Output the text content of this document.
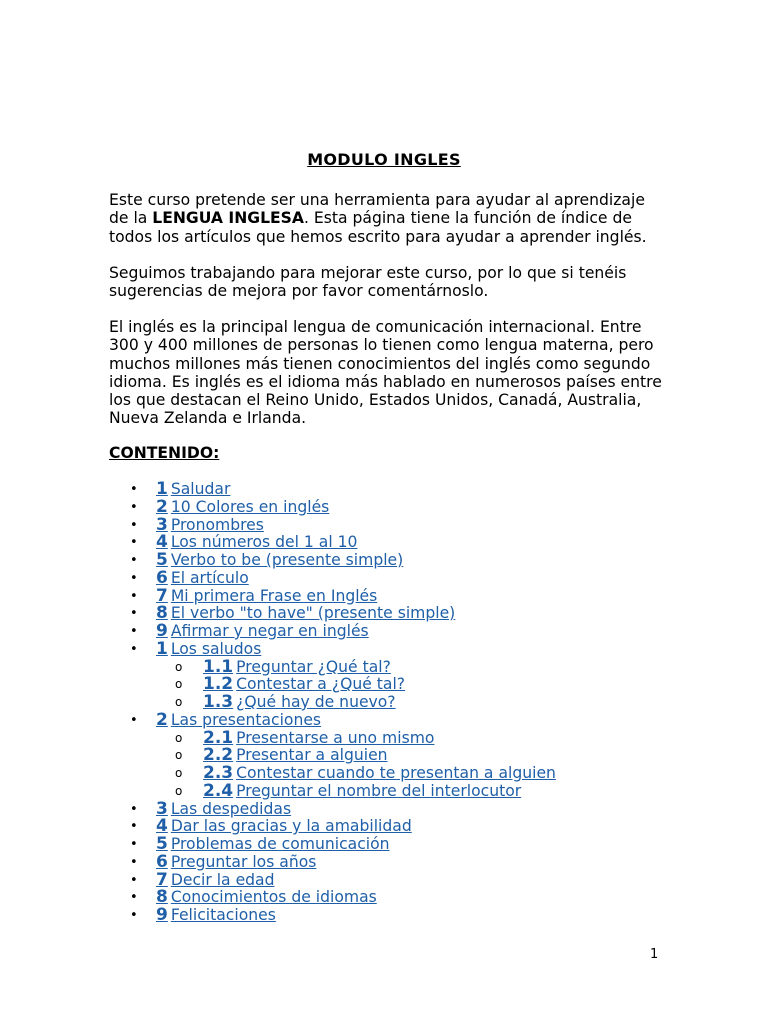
MODULO INGLES

Este curso pretende ser una herramienta para ayudar al aprendizaje de la LENGUA INGLESA. Esta página tiene la función de índice de todos los artículos que hemos escrito para ayudar a aprender inglés.

Seguimos trabajando para mejorar este curso, por lo que si tenéis sugerencias de mejora por favor comentárnoslo.

El inglés es la principal lengua de comunicación internacional. Entre 300 y 400 millones de personas lo tienen como lengua materna, pero muchos millones más tienen conocimientos del inglés como segundo idioma. Es inglés es el idioma más hablado en numerosos países entre los que destacan el Reino Unido, Estados Unidos, Canadá, Australia, Nueva Zelanda e Irlanda.

CONTENIDO:
• 1 Saludar
• 2 10 Colores en inglés
• 3 Pronombres
• 4 Los números del 1 al 10
• 5 Verbo to be (presente simple)
• 6 El artículo
• 7 Mi primera Frase en Inglés
• 8 El verbo "to have" (presente simple)
• 9 Afirmar y negar en inglés
• 1 Los saludos
o 1.1 Preguntar ¿Qué tal?
o 1.2 Contestar a ¿Qué tal?
o 1.3 ¿Qué hay de nuevo?
• 2 Las presentaciones
o 2.1 Presentarse a uno mismo
o 2.2 Presentar a alguien
o 2.3 Contestar cuando te presentan a alguien
o 2.4 Preguntar el nombre del interlocutor
• 3 Las despedidas
• 4 Dar las gracias y la amabilidad
• 5 Problemas de comunicación
• 6 Preguntar los años
• 7 Decir la edad
• 8 Conocimientos de idiomas
• 9 Felicitaciones
1
